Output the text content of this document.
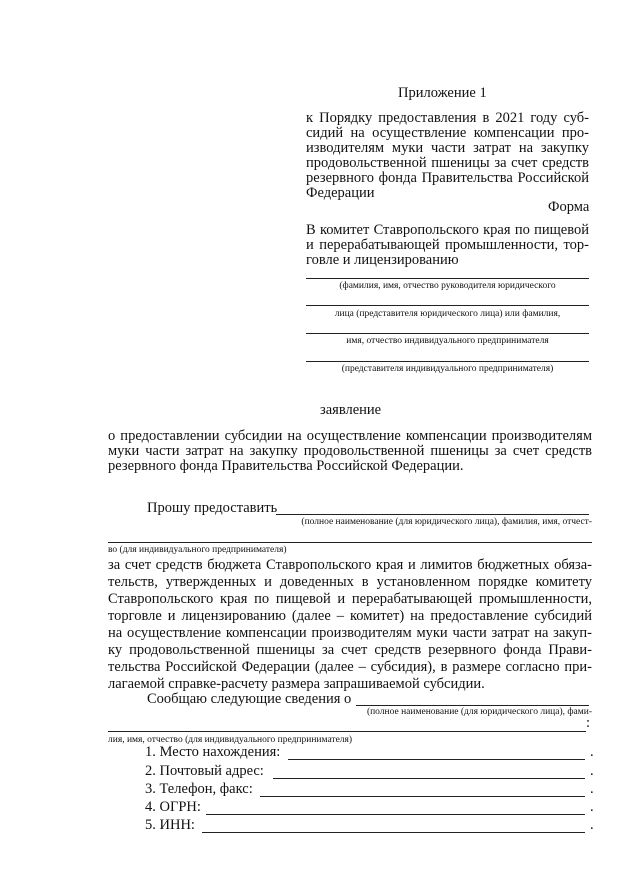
Приложение 1
к Порядку предоставления в 2021 году суб-
сидий на осуществление компенсации про-
изводителям муки части затрат на закупку
продовольственной пшеницы за счет средств
резервного фонда Правительства Российской
Федерации
Форма
В комитет Ставропольского края по пищевой
и перерабатывающей промышленности, тор-
говле и лицензированию
(фамилия, имя, отчество руководителя юридического
лица (представителя юридического лица) или фамилия,
имя, отчество индивидуального предпринимателя
(представителя индивидуального предпринимателя)
заявление
о предоставлении субсидии на осуществление компенсации производителям
муки части затрат на закупку продовольственной пшеницы за счет средств
резервного фонда Правительства Российской Федерации.
Прошу предоставить
(полное наименование (для юридического лица), фамилия, имя, отчест-
во (для индивидуального предпринимателя)
за счет средств бюджета Ставропольского края и лимитов бюджетных обяза-
тельств, утвержденных и доведенных в установленном порядке комитету
Ставропольского края по пищевой и перерабатывающей промышленности,
торговле и лицензированию (далее – комитет) на предоставление субсидий
на осуществление компенсации производителям муки части затрат на закуп-
ку продовольственной пшеницы за счет средств резервного фонда Прави-
тельства Российской Федерации (далее – субсидия), в размере согласно при-
лагаемой справке-расчету размера запрашиваемой субсидии.
Сообщаю следующие сведения о
(полное наименование (для юридического лица), фами-
:
лия, имя, отчество (для индивидуального предпринимателя)
1. Место нахождения:	.
2. Почтовый адрес:	.
3. Телефон, факс:	.
4. ОГРН:	.
5. ИНН:	.
